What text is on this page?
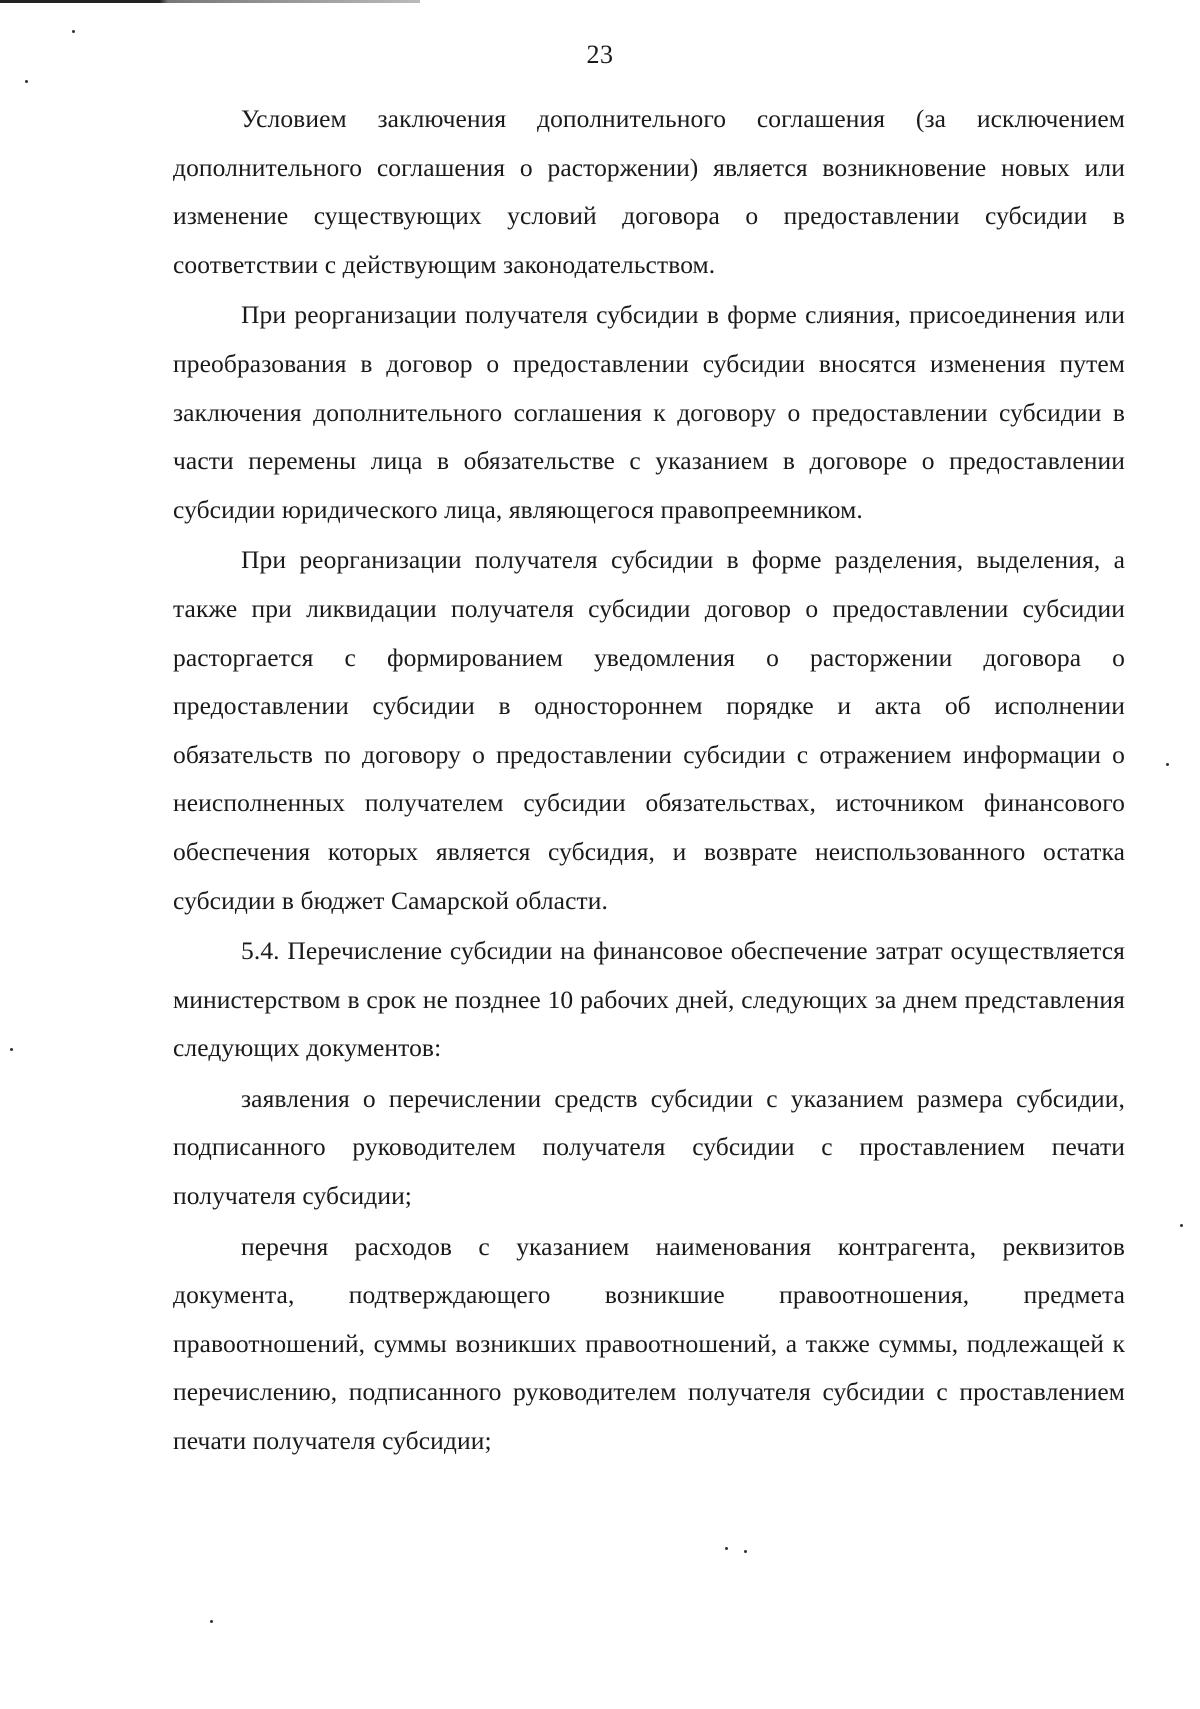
23

Условием заключения дополнительного соглашения (за исключением дополнительного соглашения о расторжении) является возникновение новых или изменение существующих условий договора о предоставлении субсидии в соответствии с действующим законодательством.

При реорганизации получателя субсидии в форме слияния, присоединения или преобразования в договор о предоставлении субсидии вносятся изменения путем заключения дополнительного соглашения к договору о предоставлении субсидии в части перемены лица в обязательстве с указанием в договоре о предоставлении субсидии юридического лица, являющегося правопреемником.

При реорганизации получателя субсидии в форме разделения, выделения, а также при ликвидации получателя субсидии договор о предоставлении субсидии расторгается с формированием уведомления о расторжении договора о предоставлении субсидии в одностороннем порядке и акта об исполнении обязательств по договору о предоставлении субсидии с отражением информации о неисполненных получателем субсидии обязательствах, источником финансового обеспечения которых является субсидия, и возврате неиспользованного остатка субсидии в бюджет Самарской области.

5.4. Перечисление субсидии на финансовое обеспечение затрат осуществляется министерством в срок не позднее 10 рабочих дней, следующих за днем представления следующих документов:

заявления о перечислении средств субсидии с указанием размера субсидии, подписанного руководителем получателя субсидии с проставлением печати получателя субсидии;

перечня расходов с указанием наименования контрагента, реквизитов документа, подтверждающего возникшие правоотношения, предмета правоотношений, суммы возникших правоотношений, а также суммы, подлежащей к перечислению, подписанного руководителем получателя субсидии с проставлением печати получателя субсидии;
